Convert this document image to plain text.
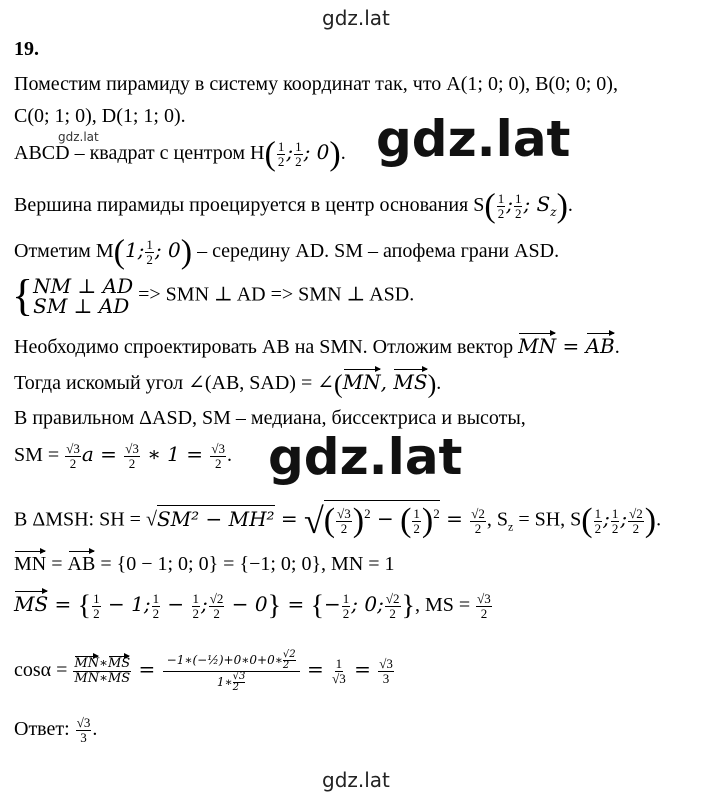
gdz.lat
gdz.lat	gdz.lat
gdz.lat
gdz.lat
19.
Поместим пирамиду в систему координат так, что A(1; 0; 0), B(0; 0; 0),
C(0; 1; 0), D(1; 1; 0).
ABCD – квадрат с центром $H( \frac{1}{2}$ ; $\frac{1}{2}$ ; 0).
Вершина пирамиды проецируется в центр основания $S( \frac{1}{2}$ ; $\frac{1}{2}$ ; $S_z$).
Отметим M(1; $\frac{1}{2}$ ; 0) – середину AD. SM – апофема грани ASD.
{ NM ⊥ AD
SM ⊥ AD => SMN ⊥ AD => SMN ⊥ ASD.
Необходимо спроектировать AB на SMN. Отложим вектор MN = AB.
Тогда искомый угол ∠(AB, SAD) = ∠(MN, MS).
В правильном ΔASD, SM – медиана, биссектриса и высоты,
SM = $\frac{√3}{2}$ $a = \frac{√3}{2}$ ∗ $1 = \frac{√3}{2}$ .
В ΔMSH: SH = √SM² − MH² = √( $\frac{√3}{2} )^2$ − ( $\frac{1}{2} )^2 = \frac{√2}{2}$ , $S_z$ = SH, $S( \frac{1}{2}$ ; $\frac{1}{2}$ ; $\frac{√2}{2}$ ).
MN = AB = {0 − 1; 0; 0} = {−1; 0; 0}, MN = 1
MS = { $\frac{1}{2} - 1$; $\frac{1}{2} - \frac{1}{2}$ ; $\frac{√2}{2} - 0$} = {− $\frac{1}{2}$ ; 0; $\frac{√2}{2}$ }, MS = $\frac{√3}{2}$
$\cos\alpha = \frac{MN∗MS}{MN∗MS} = \frac{-1∗(-\frac{1}{2})+0∗0+0∗ \frac{√2}{2}}{1∗ \frac{√3}{2}} = \frac{1}{√3} = \frac{√3}{3}$
Ответ: $\frac{√3}{3}$ .
